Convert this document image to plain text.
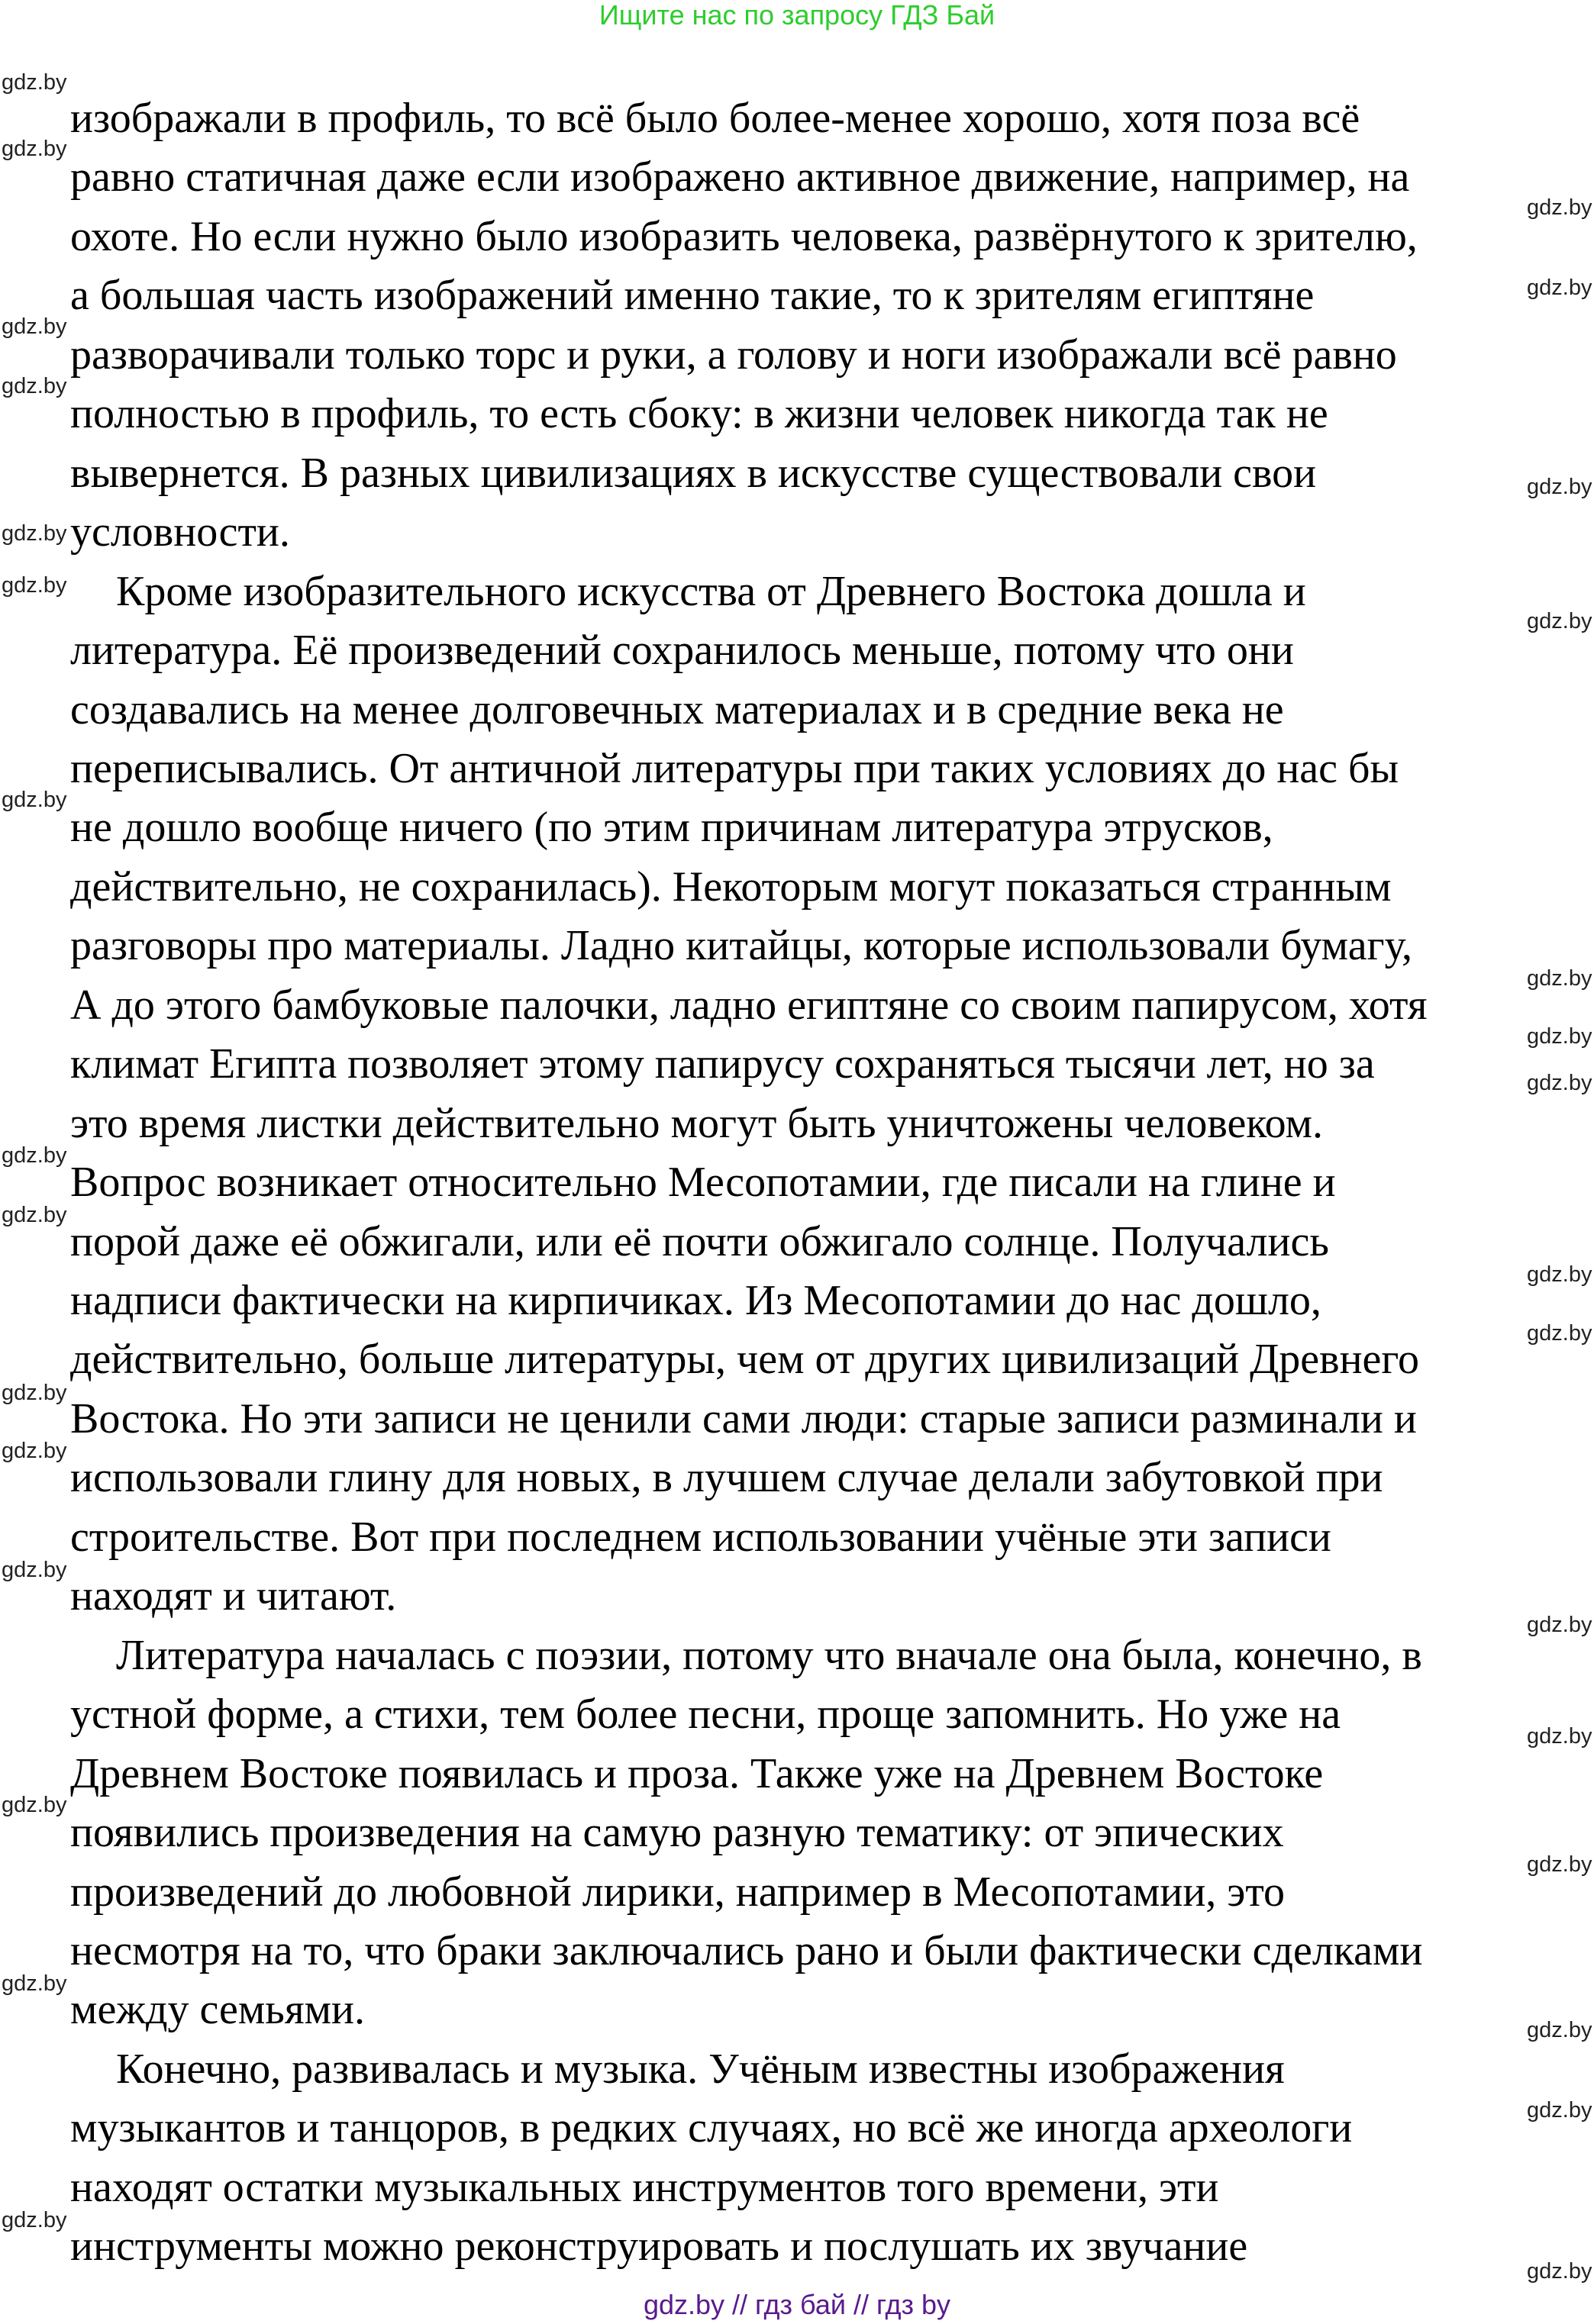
Ищите нас по запросу ГДЗ Бай
изображали в профиль, то всё было более-менее хорошо, хотя поза всё
равно статичная даже если изображено активное движение, например, на
охоте. Но если нужно было изобразить человека, развёрнутого к зрителю,
а большая часть изображений именно такие, то к зрителям египтяне
разворачивали только торс и руки, а голову и ноги изображали всё равно
полностью в профиль, то есть сбоку: в жизни человек никогда так не
вывернется. В разных цивилизациях в искусстве существовали свои
условности.
Кроме изобразительного искусства от Древнего Востока дошла и
литература. Её произведений сохранилось меньше, потому что они
создавались на менее долговечных материалах и в средние века не
переписывались. От античной литературы при таких условиях до нас бы
не дошло вообще ничего (по этим причинам литература этрусков,
действительно, не сохранилась). Некоторым могут показаться странным
разговоры про материалы. Ладно китайцы, которые использовали бумагу,
А до этого бамбуковые палочки, ладно египтяне со своим папирусом, хотя
климат Египта позволяет этому папирусу сохраняться тысячи лет, но за
это время листки действительно могут быть уничтожены человеком.
Вопрос возникает относительно Месопотамии, где писали на глине и
порой даже её обжигали, или её почти обжигало солнце. Получались
надписи фактически на кирпичиках. Из Месопотамии до нас дошло,
действительно, больше литературы, чем от других цивилизаций Древнего
Востока. Но эти записи не ценили сами люди: старые записи разминали и
использовали глину для новых, в лучшем случае делали забутовкой при
строительстве. Вот при последнем использовании учёные эти записи
находят и читают.
Литература началась с поэзии, потому что вначале она была, конечно, в
устной форме, а стихи, тем более песни, проще запомнить. Но уже на
Древнем Востоке появилась и проза. Также уже на Древнем Востоке
появились произведения на самую разную тематику: от эпических
произведений до любовной лирики, например в Месопотамии, это
несмотря на то, что браки заключались рано и были фактически сделками
между семьями.
Конечно, развивалась и музыка. Учёным известны изображения
музыкантов и танцоров, в редких случаях, но всё же иногда археологи
находят остатки музыкальных инструментов того времени, эти
инструменты можно реконструировать и послушать их звучание
gdz.by
gdz.by
gdz.by
gdz.by
gdz.by
gdz.by
gdz.by
gdz.by
gdz.by
gdz.by
gdz.by
gdz.by
gdz.by
gdz.by
gdz.by
gdz.by
gdz.by
gdz.by
gdz.by
gdz.by
gdz.by
gdz.by
gdz.by
gdz.by
gdz.by
gdz.by
gdz.by
gdz.by
gdz.by
gdz.by
gdz.by // гдз бай // гдз by
